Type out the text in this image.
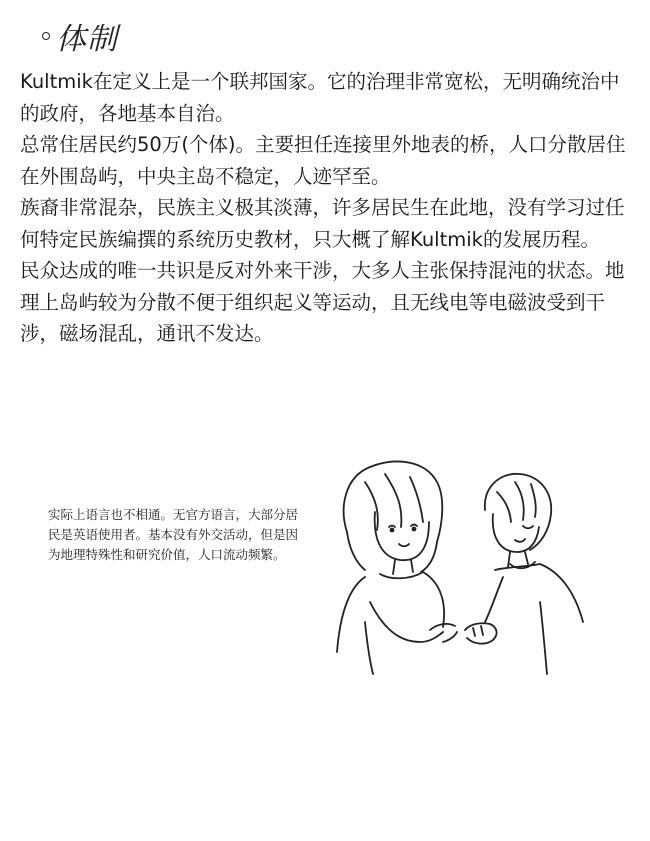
体制

Kultmik在定义上是一个联邦国家。它的治理非常宽松，无明确统治中的政府，各地基本自治。

总常住居民约50万(个体)。主要担任连接里外地表的桥，人口分散居住在外围岛屿，中央主岛不稳定，人迹罕至。

族裔非常混杂，民族主义极其淡薄，许多居民生在此地，没有学习过任何特定民族编撰的系统历史教材，只大概了解Kultmik的发展历程。

民众达成的唯一共识是反对外来干涉，大多人主张保持混沌的状态。地理上岛屿较为分散不便于组织起义等运动，且无线电等电磁波受到干涉，磁场混乱，通讯不发达。

实际上语言也不相通。无官方语言，大部分居民是英语使用者。基本没有外交活动，但是因为地理特殊性和研究价值，人口流动频繁。
